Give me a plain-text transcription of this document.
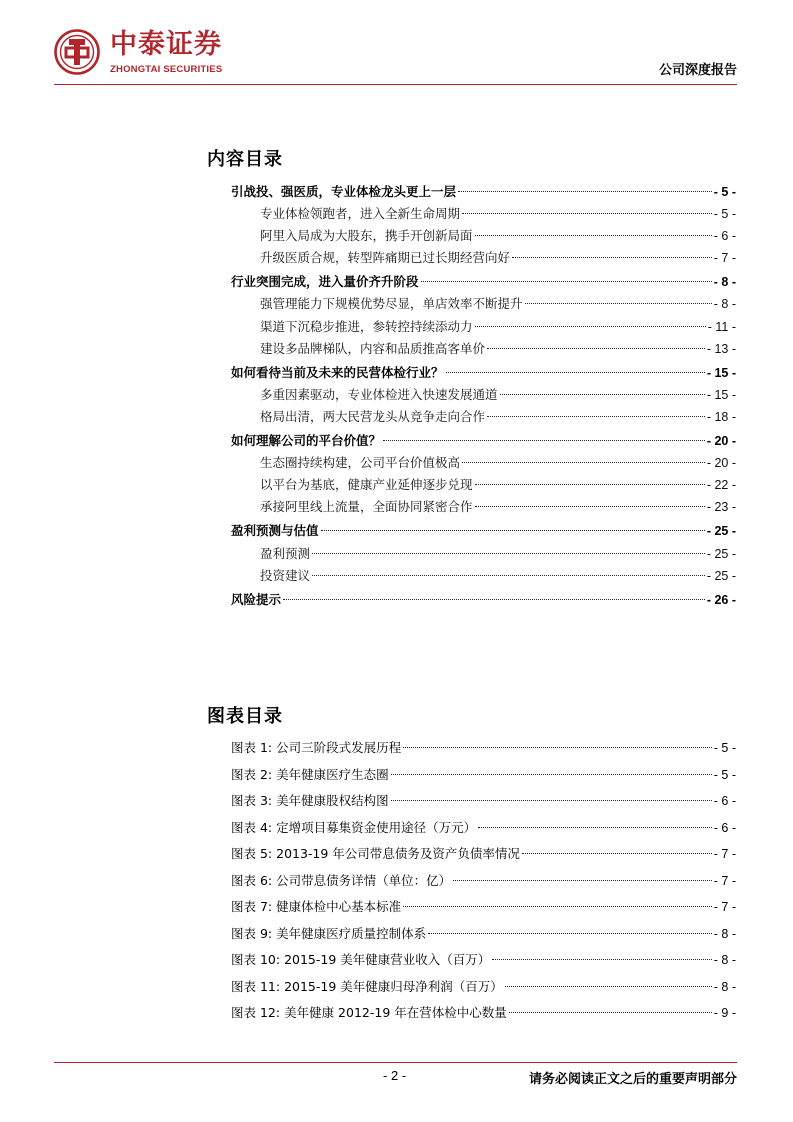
中泰证券
ZHONGTAI SECURITIES	公司深度报告
内容目录
引战投、强医质，专业体检龙头更上一层	- 5 -
专业体检领跑者，进入全新生命周期	- 5 -
阿里入局成为大股东，携手开创新局面	- 6 -
升级医质合规，转型阵痛期已过长期经营向好	- 7 -
行业突围完成，进入量价齐升阶段	- 8 -
强管理能力下规模优势尽显，单店效率不断提升	- 8 -
渠道下沉稳步推进，参转控持续添动力	- 11 -
建设多品牌梯队，内容和品质推高客单价	- 13 -
如何看待当前及未来的民营体检行业？	- 15 -
多重因素驱动，专业体检进入快速发展通道	- 15 -
格局出清，两大民营龙头从竞争走向合作	- 18 -
如何理解公司的平台价值？	- 20 -
生态圈持续构建，公司平台价值极高	- 20 -
以平台为基底，健康产业延伸逐步兑现	- 22 -
承接阿里线上流量，全面协同紧密合作	- 23 -
盈利预测与估值	- 25 -
盈利预测	- 25 -
投资建议	- 25 -
风险提示	- 26 -
图表目录
图表 1: 公司三阶段式发展历程	- 5 -
图表 2: 美年健康医疗生态圈	- 5 -
图表 3: 美年健康股权结构图	- 6 -
图表 4: 定增项目募集资金使用途径（万元）	- 6 -
图表 5: 2013-19 年公司带息债务及资产负债率情况	- 7 -
图表 6: 公司带息债务详情（单位：亿）	- 7 -
图表 7: 健康体检中心基本标准	- 7 -
图表 9: 美年健康医疗质量控制体系	- 8 -
图表 10: 2015-19 美年健康营业收入（百万）	- 8 -
图表 11: 2015-19 美年健康归母净利润（百万）	- 8 -
图表 12: 美年健康 2012-19 年在营体检中心数量	- 9 -
- 2 -	请务必阅读正文之后的重要声明部分
